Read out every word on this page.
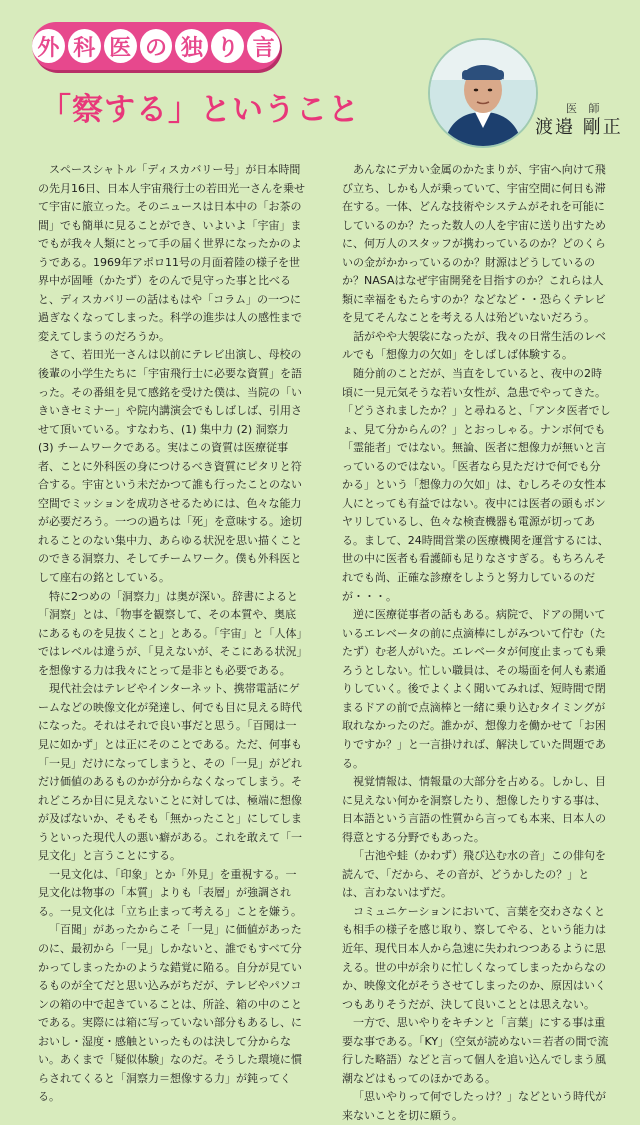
外 科 医 の 独 り 言
「察する」ということ	医 師
渡邉 剛正

スペースシャトル「ディスカバリー号」が日本時間の先月16日、日本人宇宙飛行士の若田光一さんを乗せて宇宙に旅立った。そのニュースは日本中の「お茶の間」でも簡単に見ることができ、いよいよ「宇宙」までもが我々人類にとって手の届く世界になったかのようである。1969年アポロ11号の月面着陸の様子を世界中が固唾（かたず）をのんで見守った事と比べると、ディスカバリーの話はもはや「コラム」の一つに過ぎなくなってしまった。科学の進歩は人の感性まで変えてしまうのだろうか。

さて、若田光一さんは以前にテレビ出演し、母校の後輩の小学生たちに「宇宙飛行士に必要な資質」を語った。その番組を見て感銘を受けた僕は、当院の「いきいきセミナー」や院内講演会でもしばしば、引用させて頂いている。すなわち、(1) 集中力 (2) 洞察力 (3) チームワークである。実はこの資質は医療従事者、ことに外科医の身につけるべき資質にピタリと符合する。宇宙という未だかつて誰も行ったことのない空間でミッションを成功させるためには、色々な能力が必要だろう。一つの過ちは「死」を意味する。途切れることのない集中力、あらゆる状況を思い描くことのできる洞察力、そしてチームワーク。僕も外科医として座右の銘としている。

特に2つめの「洞察力」は奥が深い。辞書によると「洞察」とは、「物事を観察して、その本質や、奥底にあるものを見抜くこと」とある。「宇宙」と「人体」ではレベルは違うが、「見えないが、そこにある状況」を想像する力は我々にとって是非とも必要である。

現代社会はテレビやインターネット、携帯電話にゲームなどの映像文化が発達し、何でも目に見える時代になった。それはそれで良い事だと思う。「百聞は一見に如かず」とは正にそのことである。ただ、何事も「一見」だけになってしまうと、その「一見」がどれだけ価値のあるものかが分からなくなってしまう。それどころか目に見えないことに対しては、極端に想像が及ばないか、そもそも「無かったこと」にしてしまうといった現代人の悪い癖がある。これを敢えて「一見文化」と言うことにする。

一見文化は、「印象」とか「外見」を重視する。一見文化は物事の「本質」よりも「表層」が強調される。一見文化は「立ち止まって考える」ことを嫌う。

「百聞」があったからこそ「一見」に価値があったのに、最初から「一見」しかないと、誰でもすべて分かってしまったかのような錯覚に陥る。自分が見ているものが全てだと思い込みがちだが、テレビやパソコンの箱の中で起きていることは、所詮、箱の中のことである。実際には箱に写っていない部分もあるし、においし・湿度・感触といったものは決して分からない。あくまで「疑似体験」なのだ。そうした環境に慣らされてくると「洞察力＝想像する力」が鈍ってくる。

あんなにデカい金属のかたまりが、宇宙へ向けて飛び立ち、しかも人が乗っていて、宇宙空間に何日も滞在する。一体、どんな技術やシステムがそれを可能にしているのか？たった数人の人を宇宙に送り出すために、何万人のスタッフが携わっているのか？どのくらいの金がかかっているのか？財源はどうしているのか？NASAはなぜ宇宙開発を目指すのか？これらは人類に幸福をもたらすのか？などなど・・恐らくテレビを見てそんなことを考える人は殆どいないだろう。

話がやや大袈裟になったが、我々の日常生活のレベルでも「想像力の欠如」をしばしば体験する。

随分前のことだが、当直をしていると、夜中の2時頃に一見元気そうな若い女性が、急患でやってきた。「どうされましたか？」と尋ねると、「アンタ医者でしょ、見て分からんの？」とおっしゃる。ナンボ何でも「霊能者」ではない。無論、医者に想像力が無いと言っているのではない。「医者なら見ただけで何でも分かる」という「想像力の欠如」は、むしろその女性本人にとっても有益ではない。夜中には医者の頭もボンヤリしているし、色々な検査機器も電源が切ってある。まして、24時間営業の医療機関を運営するには、世の中に医者も看護師も足りなさすぎる。もちろんそれでも尚、正確な診療をしようと努力しているのだが・・・。

逆に医療従事者の話もある。病院で、ドアの開いているエレベータの前に点滴棒にしがみついて佇む（たたず）む老人がいた。エレベータが何度止まっても乗ろうとしない。忙しい職員は、その場面を何人も素通りしていく。後でよくよく聞いてみれば、短時間で閉まるドアの前で点滴棒と一緒に乗り込むタイミングが取れなかったのだ。誰かが、想像力を働かせて「お困りですか？」と一言掛ければ、解決していた問題である。

視覚情報は、情報量の大部分を占める。しかし、目に見えない何かを洞察したり、想像したりする事は、日本語という言語の性質から言っても本来、日本人の得意とする分野でもあった。

「古池や蛙（かわず）飛び込む水の音」この俳句を読んで、「だから、その音が、どうかしたの？」とは、言わないはずだ。

コミュニケーションにおいて、言葉を交わさなくとも相手の様子を感じ取り、察してやる、という能力は近年、現代日本人から急速に失われつつあるように思える。世の中が余りに忙しくなってしまったからなのか、映像文化がそうさせてしまったのか、原因はいくつもありそうだが、決して良いこととは思えない。

一方で、思いやりをキチンと「言葉」にする事は重要な事である。「KY」（空気が読めない＝若者の間で流行した略語）などと言って個人を追い込んでしまう風潮などはもってのほかである。

「思いやりって何でしたっけ？」などという時代が来ないことを切に願う。
